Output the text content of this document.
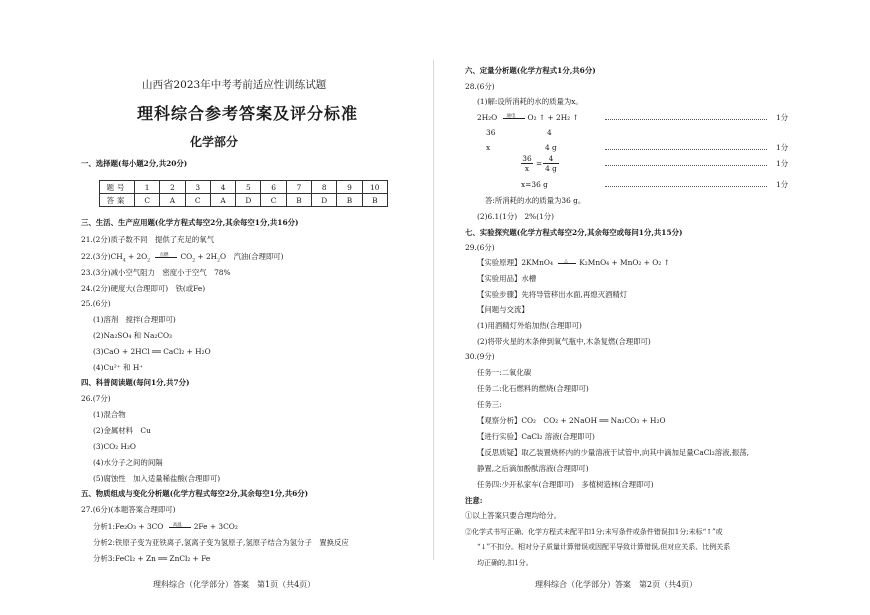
山西省2023年中考考前适应性训练试题
理科综合参考答案及评分标准
化学部分
一、选择题(每小题2分,共20分)
题号	1	2	3	4	5	6	7	8	9	10
答案	C	A	C	A	D	C	B	D	B	B
三、生活、生产应用题(化学方程式每空2分,其余每空1分,共16分)
21.(2分)质子数不同　提供了充足的氧气
22.(3分)$CH_4 + 2O_2$
点燃 $CO_2 + 2H_2O$　汽油(合理即可)
23.(3分)减小空气阻力　密度小于空气　78%
24.(2分)硬度大(合理即可)　铁(或Fe)
25.(6分)
(1)溶剂　搅拌(合理即可)
(2)Na₂SO₄ 和 Na₂CO₃
(3)CaO + 2HCl ══ CaCl₂ + H₂O
(4)Cu²⁺ 和 H⁺
四、科普阅读题(每问1分,共7分)
26.(7分)
(1)混合物
(2)金属材料　Cu
(3)CO₂ H₂O
(4)水分子之间的间隔
(5)腐蚀性　加入适量稀盐酸(合理即可)
五、物质组成与变化分析题(化学方程式每空2分,其余每空1分,共6分)
27.(6分)(本题答案合理即可)
分析1:Fe₂O₃ + 3CO 高温 2Fe + 3CO₂
分析2:铁原子变为亚铁离子,氢离子变为氢原子,氢原子结合为氢分子　置换反应
分析3:FeCl₂ + Zn ══ ZnCl₂ + Fe
理科综合（化学部分）答案　第1页（共4页）
六、定量分析题(化学方程式1分,共6分)
28.(6分)
(1)解:设所消耗的水的质量为x。
2H₂O 通电 O₂ ↑ + 2H₂ ↑	1分
36	4
x	4 g	1分
36
x
=
4
4 g
1分
x=36 g	1分
答:所消耗的水的质量为36 g。
(2)6.1(1分)　2%(1分)
七、实验探究题(化学方程式每空2分,其余每空或每问1分,共15分)
29.(6分)
【实验原理】2KMnO₄	△ K₂MnO₄ + MnO₂ + O₂ ↑
【实验用品】水槽
【实验步骤】先将导管移出水面,再熄灭酒精灯
【问题与交流】
(1)用酒精灯外焰加热(合理即可)
(2)将带火星的木条伸到氧气瓶中,木条复燃(合理即可)
30.(9分)
任务一:二氧化碳
任务二:化石燃料的燃烧(合理即可)
任务三:
【观察分析】CO₂　CO₂ + 2NaOH ══ Na₂CO₃ + H₂O
【进行实验】CaCl₂ 溶液(合理即可)
【反思质疑】取乙装置烧杯内的少量溶液于试管中,向其中滴加足量CaCl₂溶液,振荡,
静置,之后滴加酚酞溶液(合理即可)
任务四:少开私家车(合理即可)　多植树造林(合理即可)
注意:
①以上答案只要合理均给分。
②化学式书写正确、化学方程式未配平扣1分;未写条件或条件错误扣1分;未标“↑”或
“↓”不扣分。相对分子质量计算错误或因配平导致计算错误,但对应关系、比例关系
均正确的,扣1分。
理科综合（化学部分）答案　第2页（共4页）
